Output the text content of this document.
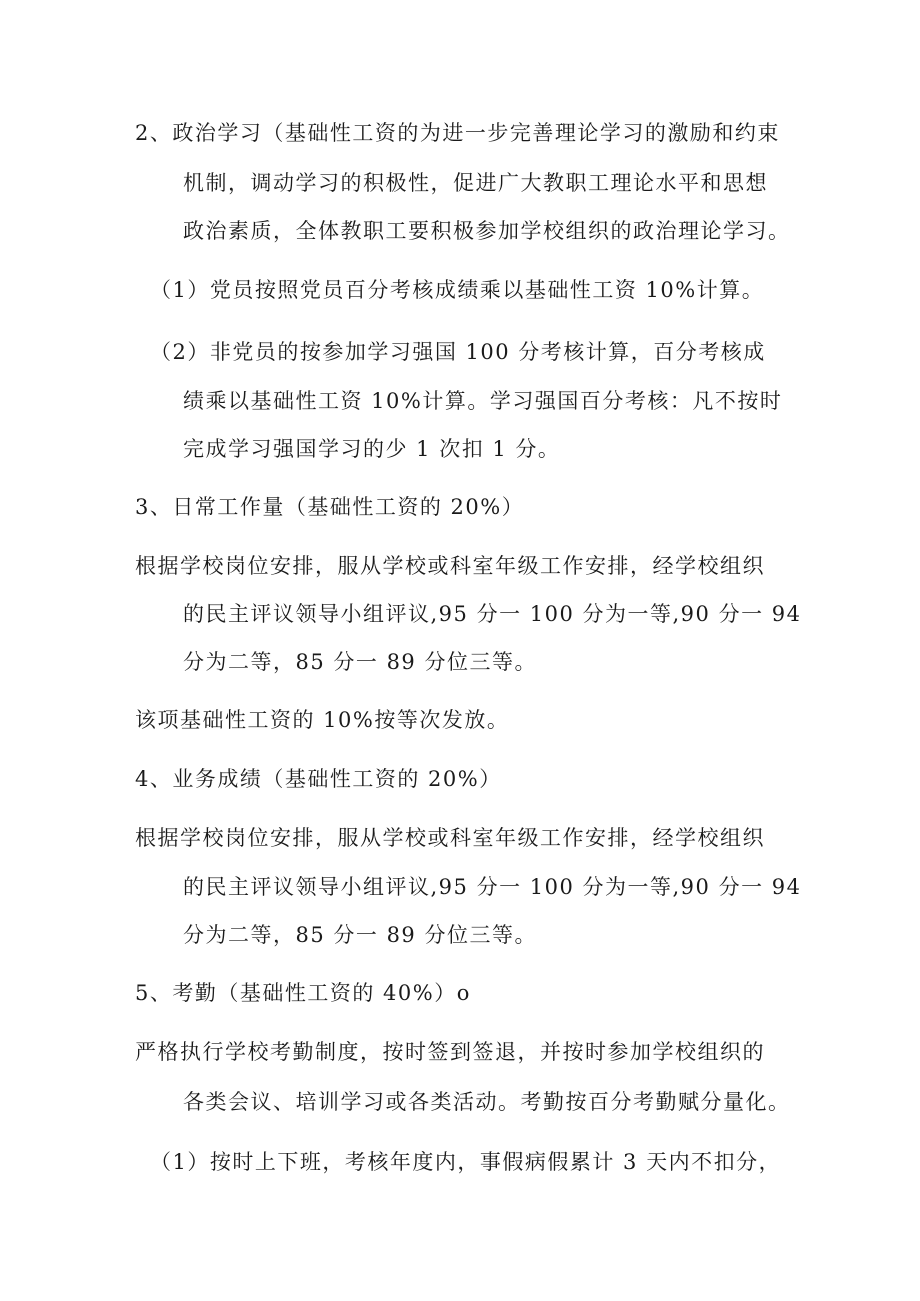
2、政治学习（基础性工资的为进一步完善理论学习的激励和约束
机制，调动学习的积极性，促进广大教职工理论水平和思想
政治素质，全体教职工要积极参加学校组织的政治理论学习。
（1）党员按照党员百分考核成绩乘以基础性工资 10%计算。
（2）非党员的按参加学习强国 100 分考核计算，百分考核成
绩乘以基础性工资 10%计算。学习强国百分考核：凡不按时
完成学习强国学习的少 1 次扣 1 分。
3、日常工作量（基础性工资的 20%）
根据学校岗位安排，服从学校或科室年级工作安排，经学校组织
的民主评议领导小组评议,95 分一 100 分为一等,90 分一 94
分为二等，85 分一 89 分位三等。
该项基础性工资的 10%按等次发放。
4、业务成绩（基础性工资的 20%）
根据学校岗位安排，服从学校或科室年级工作安排，经学校组织
的民主评议领导小组评议,95 分一 100 分为一等,90 分一 94
分为二等，85 分一 89 分位三等。
5、考勤（基础性工资的 40%）o
严格执行学校考勤制度，按时签到签退，并按时参加学校组织的
各类会议、培训学习或各类活动。考勤按百分考勤赋分量化。
（1）按时上下班，考核年度内，事假病假累计 3 天内不扣分，
